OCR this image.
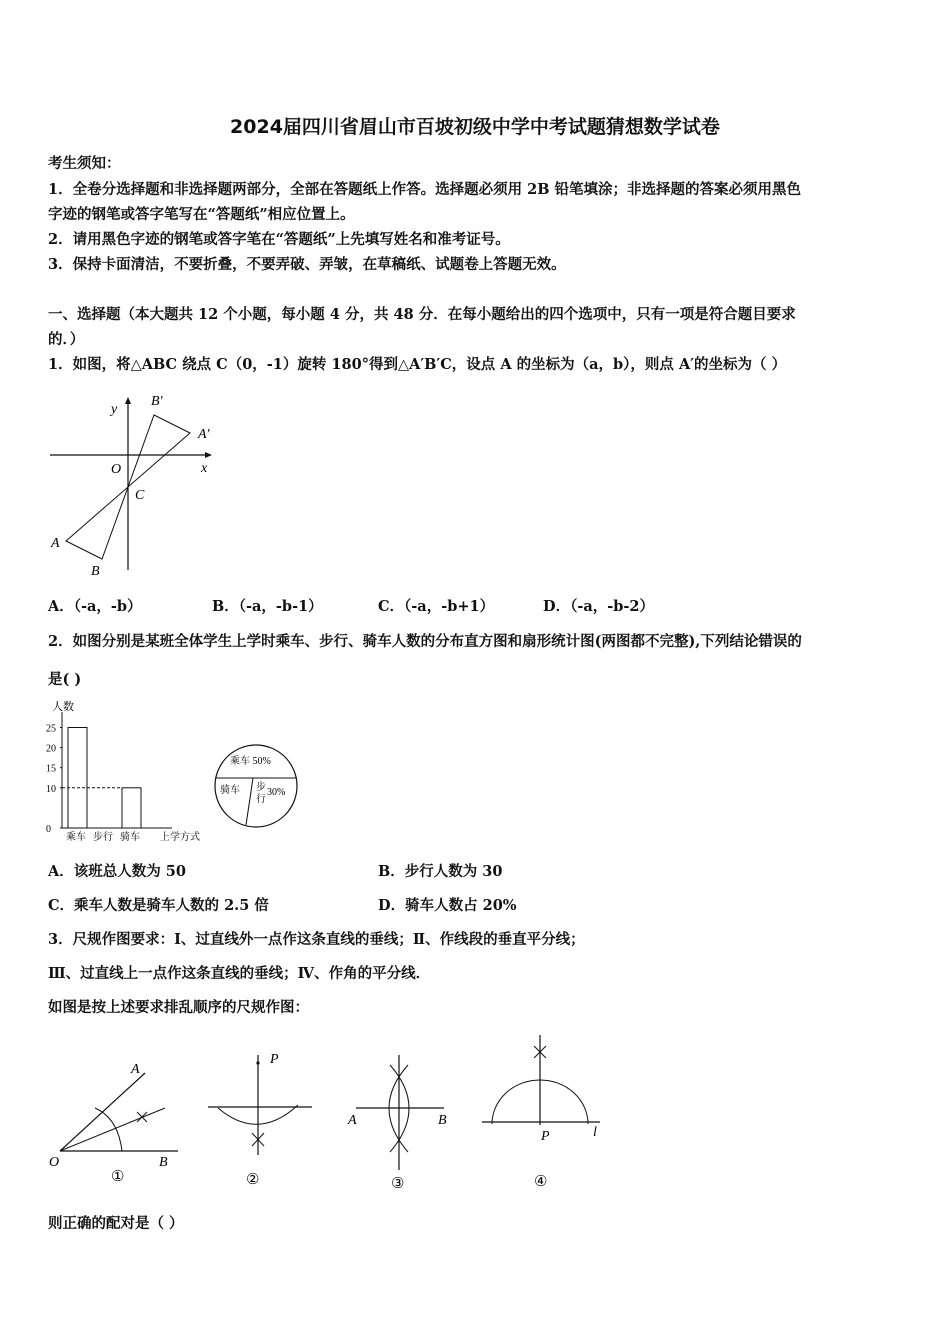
2024届四川省眉山市百坡初级中学中考试题猜想数学试卷
考生须知：
1．全卷分选择题和非选择题两部分，全部在答题纸上作答。选择题必须用 2B 铅笔填涂；非选择题的答案必须用黑色
字迹的钢笔或答字笔写在“答题纸”相应位置上。
2．请用黑色字迹的钢笔或答字笔在“答题纸”上先填写姓名和准考证号。
3．保持卡面清洁，不要折叠，不要弄破、弄皱，在草稿纸、试题卷上答题无效。
一、选择题（本大题共 12 个小题，每小题 4 分，共 48 分．在每小题给出的四个选项中，只有一项是符合题目要求
的．）
1．如图，将△ABC 绕点 C（0，-1）旋转 180°得到△A′B′C，设点 A 的坐标为（a，b），则点 A′的坐标为（ ）
y
x
O
C
A
B
A'
B'
A．（-a，-b）	B．（-a，-b-1）	C．（-a，-b+1）	D．（-a，-b-2）
2．如图分别是某班全体学生上学时乘车、步行、骑车人数的分布直方图和扇形统计图(两图都不完整),下列结论错误的
是( )
人数
上学方式
0
10
15
20
25
乘车 步行 骑车
乘车 50%
骑车 步
行
30%
A．该班总人数为 50	B．步行人数为 30
C．乘车人数是骑车人数的 2.5 倍	D．骑车人数占 20%
3．尺规作图要求：Ⅰ、过直线外一点作这条直线的垂线；Ⅱ、作线段的垂直平分线；
Ⅲ、过直线上一点作这条直线的垂线；Ⅳ、作角的平分线．
如图是按上述要求排乱顺序的尺规作图：
A
O	B
①
P
②
A	B
③
P	l
④
则正确的配对是（ ）
